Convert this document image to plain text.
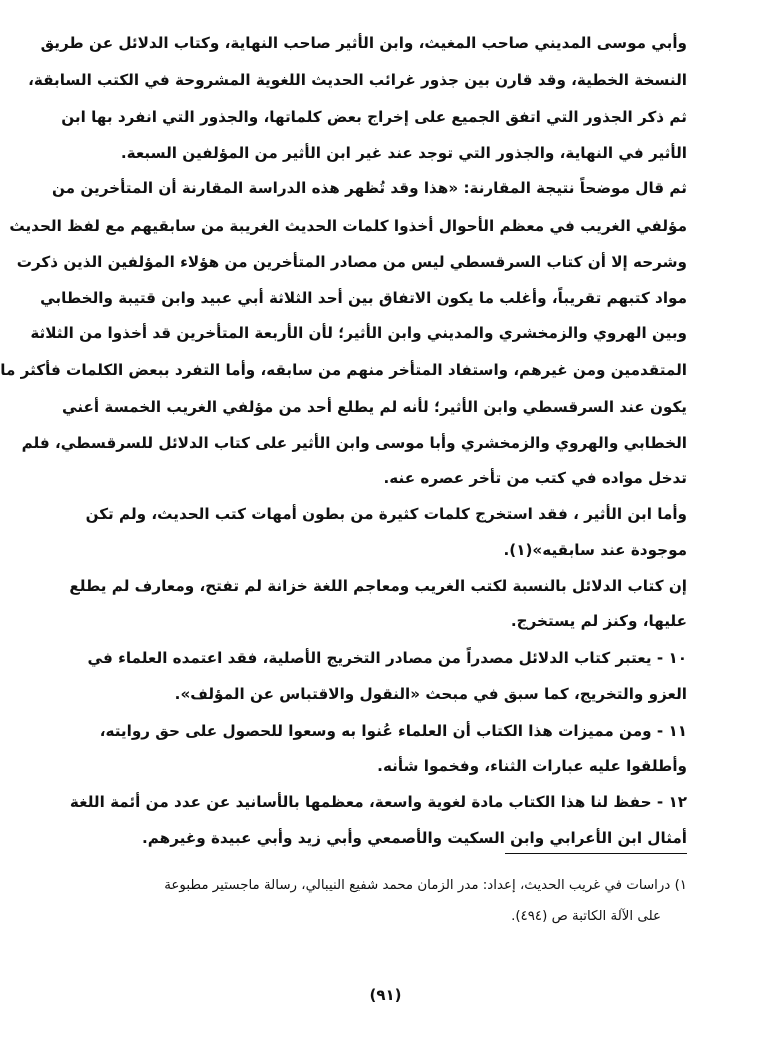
وأبي موسى المديني صاحب المغيث، وابن الأثير صاحب النهاية، وكتاب الدلائل عن طريق
النسخة الخطية، وقد قارن بين جذور غرائب الحديث اللغوية المشروحة في الكتب السابقة،
ثم ذكر الجذور التي اتفق الجميع على إخراج بعض كلماتها، والجذور التي انفرد بها ابن
الأثير في النهاية، والجذور التي توجد عند غير ابن الأثير من المؤلفين السبعة.
ثم قال موضحاً نتيجة المقارنة: «هذا وقد تُظهر هذه الدراسة المقارنة أن المتأخرين من
مؤلفي الغريب في معظم الأحوال أخذوا كلمات الحديث الغريبة من سابقيهم مع لفظ الحديث
وشرحه إلا أن كتاب السرقسطي ليس من مصادر المتأخرين من هؤلاء المؤلفين الذين ذكرت
مواد كتبهم تقريباً، وأغلب ما يكون الاتفاق بين أحد الثلاثة أبي عبيد وابن قتيبة والخطابي
وبين الهروي والزمخشري والمديني وابن الأثير؛ لأن الأربعة المتأخرين قد أخذوا من الثلاثة
المتقدمين ومن غيرهم، واستفاد المتأخر منهم من سابقه، وأما التفرد ببعض الكلمات فأكثر ما
يكون عند السرقسطي وابن الأثير؛ لأنه لم يطلع أحد من مؤلفي الغريب الخمسة أعني
الخطابي والهروي والزمخشري وأبا موسى وابن الأثير على كتاب الدلائل للسرقسطي، فلم
تدخل مواده في كتب من تأخر عصره عنه.
وأما ابن الأثير ، فقد استخرج كلمات كثيرة من بطون أمهات كتب الحديث، ولم تكن
موجودة عند سابقيه»(١).
إن كتاب الدلائل بالنسبة لكتب الغريب ومعاجم اللغة خزانة لم تفتح، ومعارف لم يطلع
عليها، وكنز لم يستخرج.
١٠ - يعتبر كتاب الدلائل مصدراً من مصادر التخريج الأصلية، فقد اعتمده العلماء في
العزو والتخريج، كما سبق في مبحث «النقول والاقتباس عن المؤلف».
١١ - ومن مميزات هذا الكتاب أن العلماء عُنوا به وسعوا للحصول على حق روايته،
وأطلقوا عليه عبارات الثناء، وفخموا شأنه.
١٢ - حفظ لنا هذا الكتاب مادة لغوية واسعة، معظمها بالأسانيد عن عدد من أئمة اللغة
أمثال ابن الأعرابي وابن السكيت والأصمعي وأبي زيد وأبي عبيدة وغيرهم.
١) دراسات في غريب الحديث، إعداد: مدر الزمان محمد شفيع النيبالي، رسالة ماجستير مطبوعة
على الآلة الكاتبة ص (٤٩٤).
(٩١)
